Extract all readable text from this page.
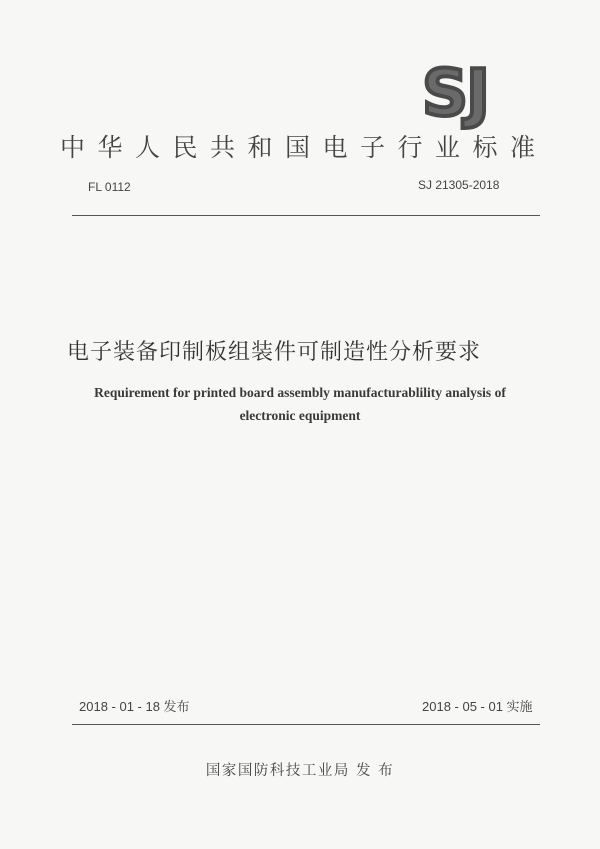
SJ
中华人民共和国电子行业标准
FL 0112	SJ 21305-2018
电子装备印制板组装件可制造性分析要求
Requirement for printed board assembly manufacturablility analysis of
electronic equipment
2018 - 01 - 18 发布	2018 - 05 - 01 实施
国家国防科技工业局 发 布
